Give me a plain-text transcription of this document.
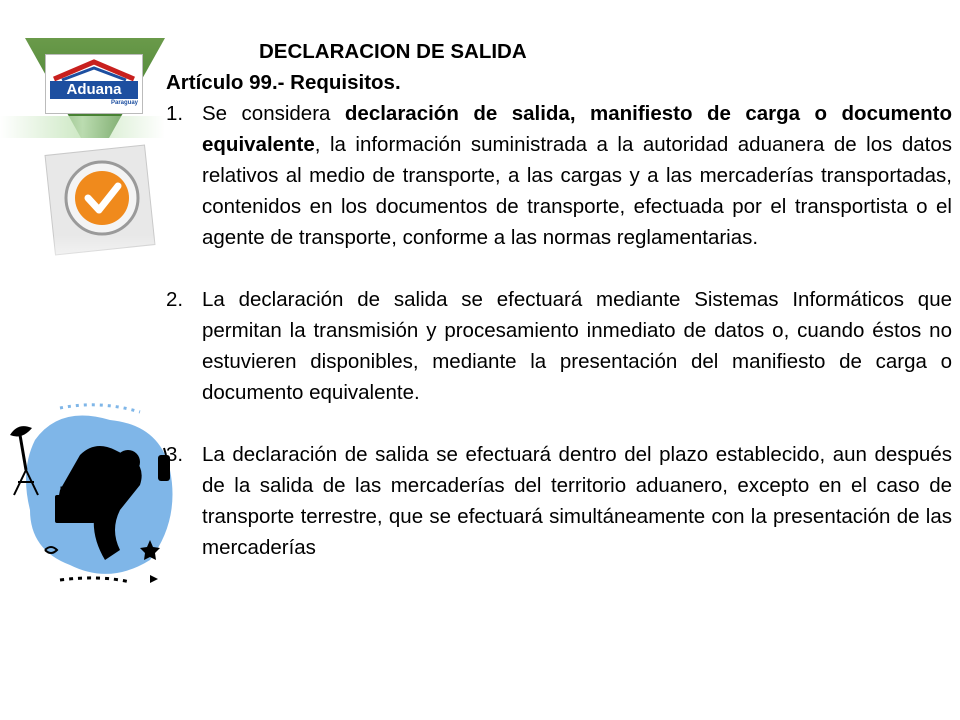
Aduana
Paraguay
DECLARACION DE SALIDA
Artículo 99.- Requisitos.
1. Se considera declaración de salida, manifiesto de carga o documento equivalente, la información suministrada a la autoridad aduanera de los datos relativos al medio de transporte, a las cargas y a las mercaderías transportadas, contenidos en los documentos de transporte, efectuada por el transportista o el agente de transporte, conforme a las normas reglamentarias.
2. La declaración de salida se efectuará mediante Sistemas Informáticos que permitan la transmisión y procesamiento inmediato de datos o, cuando éstos no estuvieren disponibles, mediante la presentación del manifiesto de carga o documento equivalente.
3. La declaración de salida se efectuará dentro del plazo establecido, aun después de la salida de las mercaderías del territorio aduanero, excepto en el caso de transporte terrestre, que se efectuará simultáneamente con la presentación de las mercaderías
